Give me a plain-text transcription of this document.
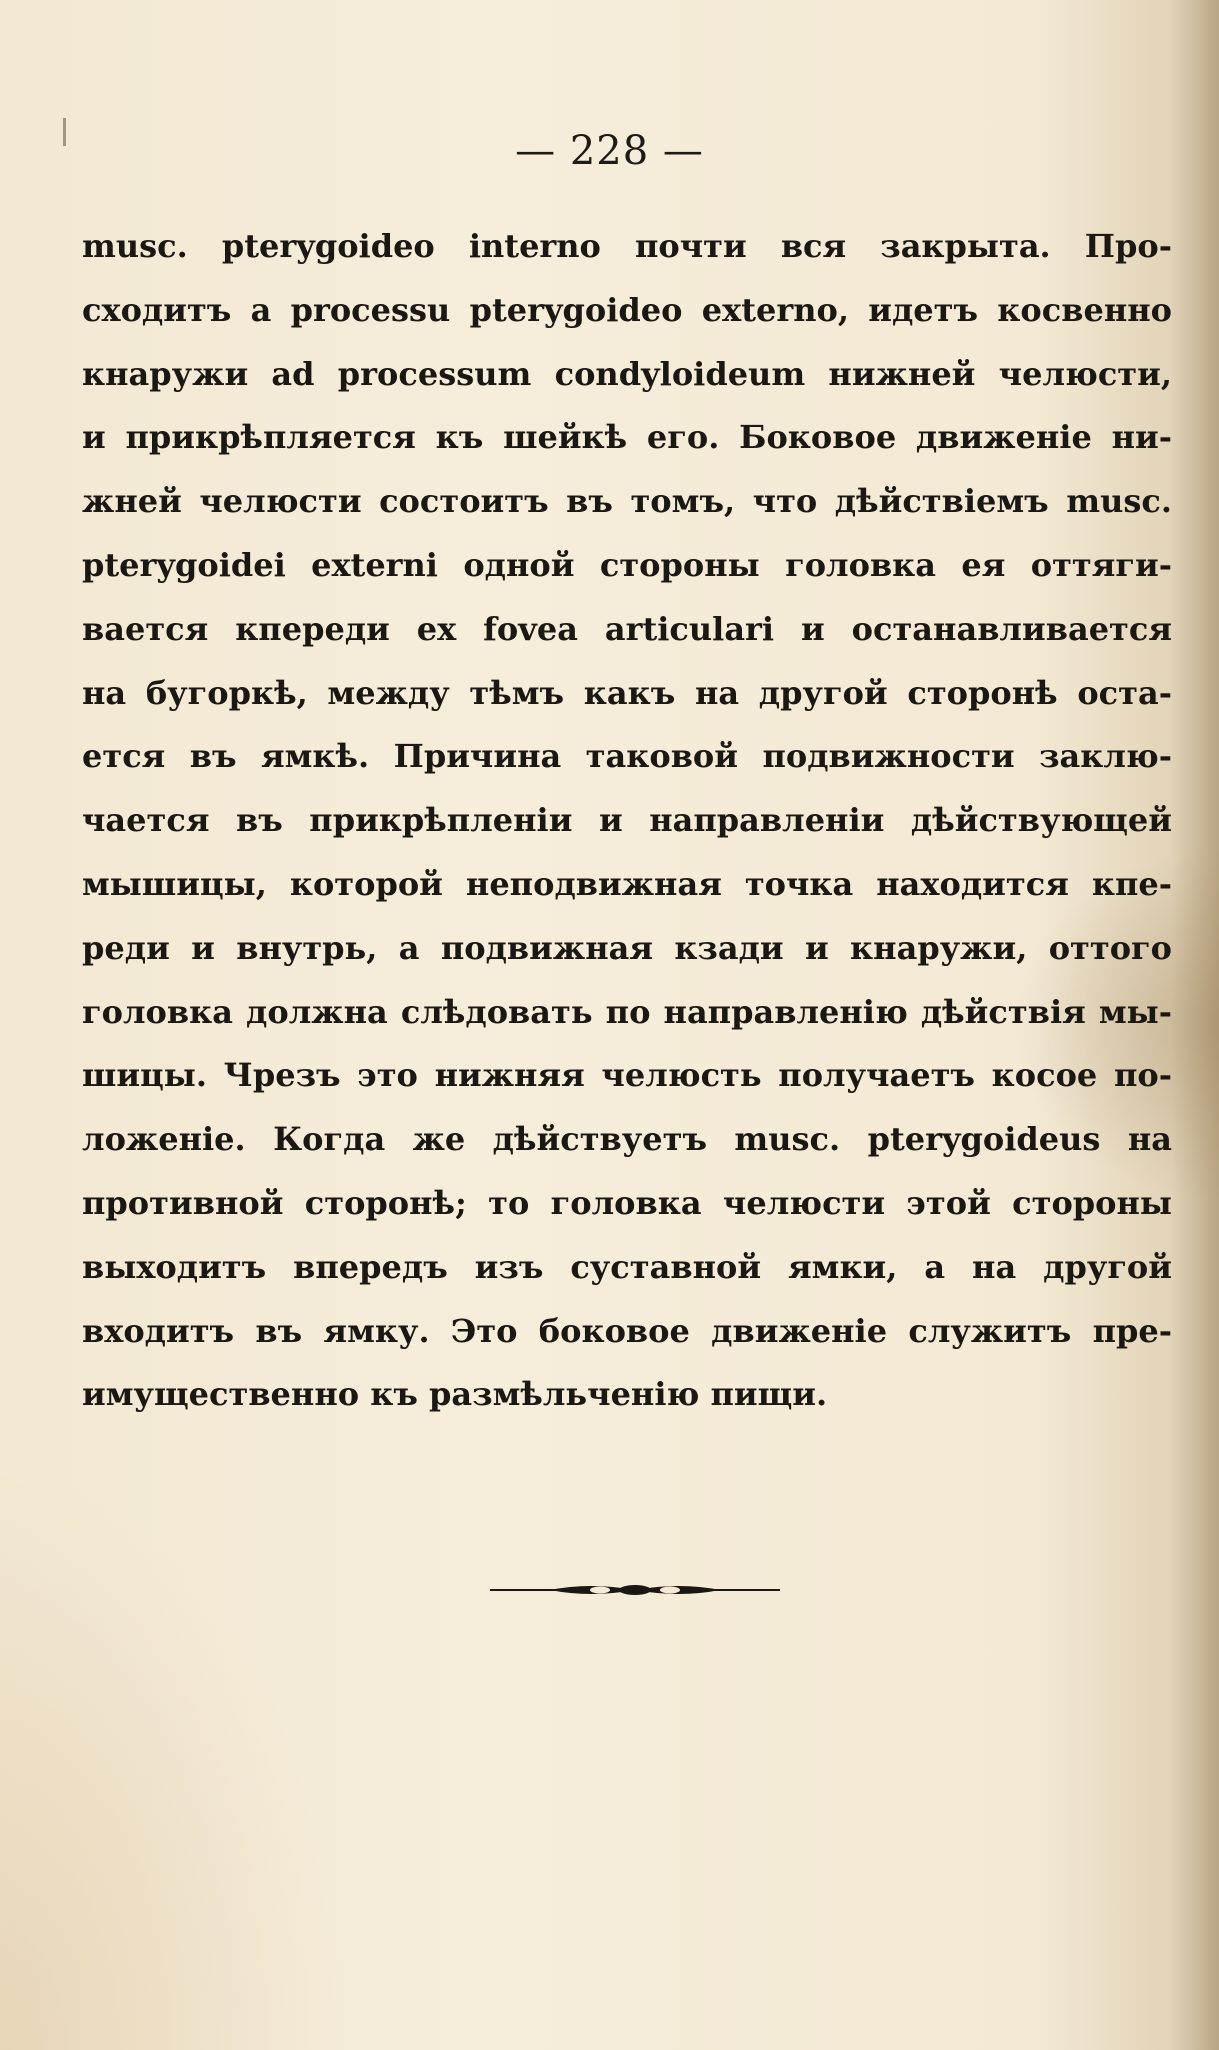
— 228 —
musc. pterygoideo interno почти вся закрыта. Про-
сходитъ a processu pterygoideo externo, идетъ косвенно
кнаружи ad processum condyloideum нижней челюсти,
и прикрѣпляется къ шейкѣ его. Боковое движеніе ни-
жней челюсти состоитъ въ томъ, что дѣйствіемъ musc.
pterygoidei externi одной стороны головка ея оттяги-
вается кпереди ex fovea articulari и останавливается
на бугоркѣ, между тѣмъ какъ на другой сторонѣ оста-
ется въ ямкѣ. Причина таковой подвижности заклю-
чается въ прикрѣпленіи и направленіи дѣйствующей
мышицы, которой неподвижная точка находится кпе-
реди и внутрь, а подвижная кзади и кнаружи, оттого
головка должна слѣдовать по направленію дѣйствія мы-
шицы. Чрезъ это нижняя челюсть получаетъ косое по-
ложеніе. Когда же дѣйствуетъ musc. pterygoideus на
противной сторонѣ; то головка челюсти этой стороны
выходитъ впередъ изъ суставной ямки, а на другой
входитъ въ ямку. Это боковое движеніе служитъ пре-
имущественно къ размѣльченію пищи.
